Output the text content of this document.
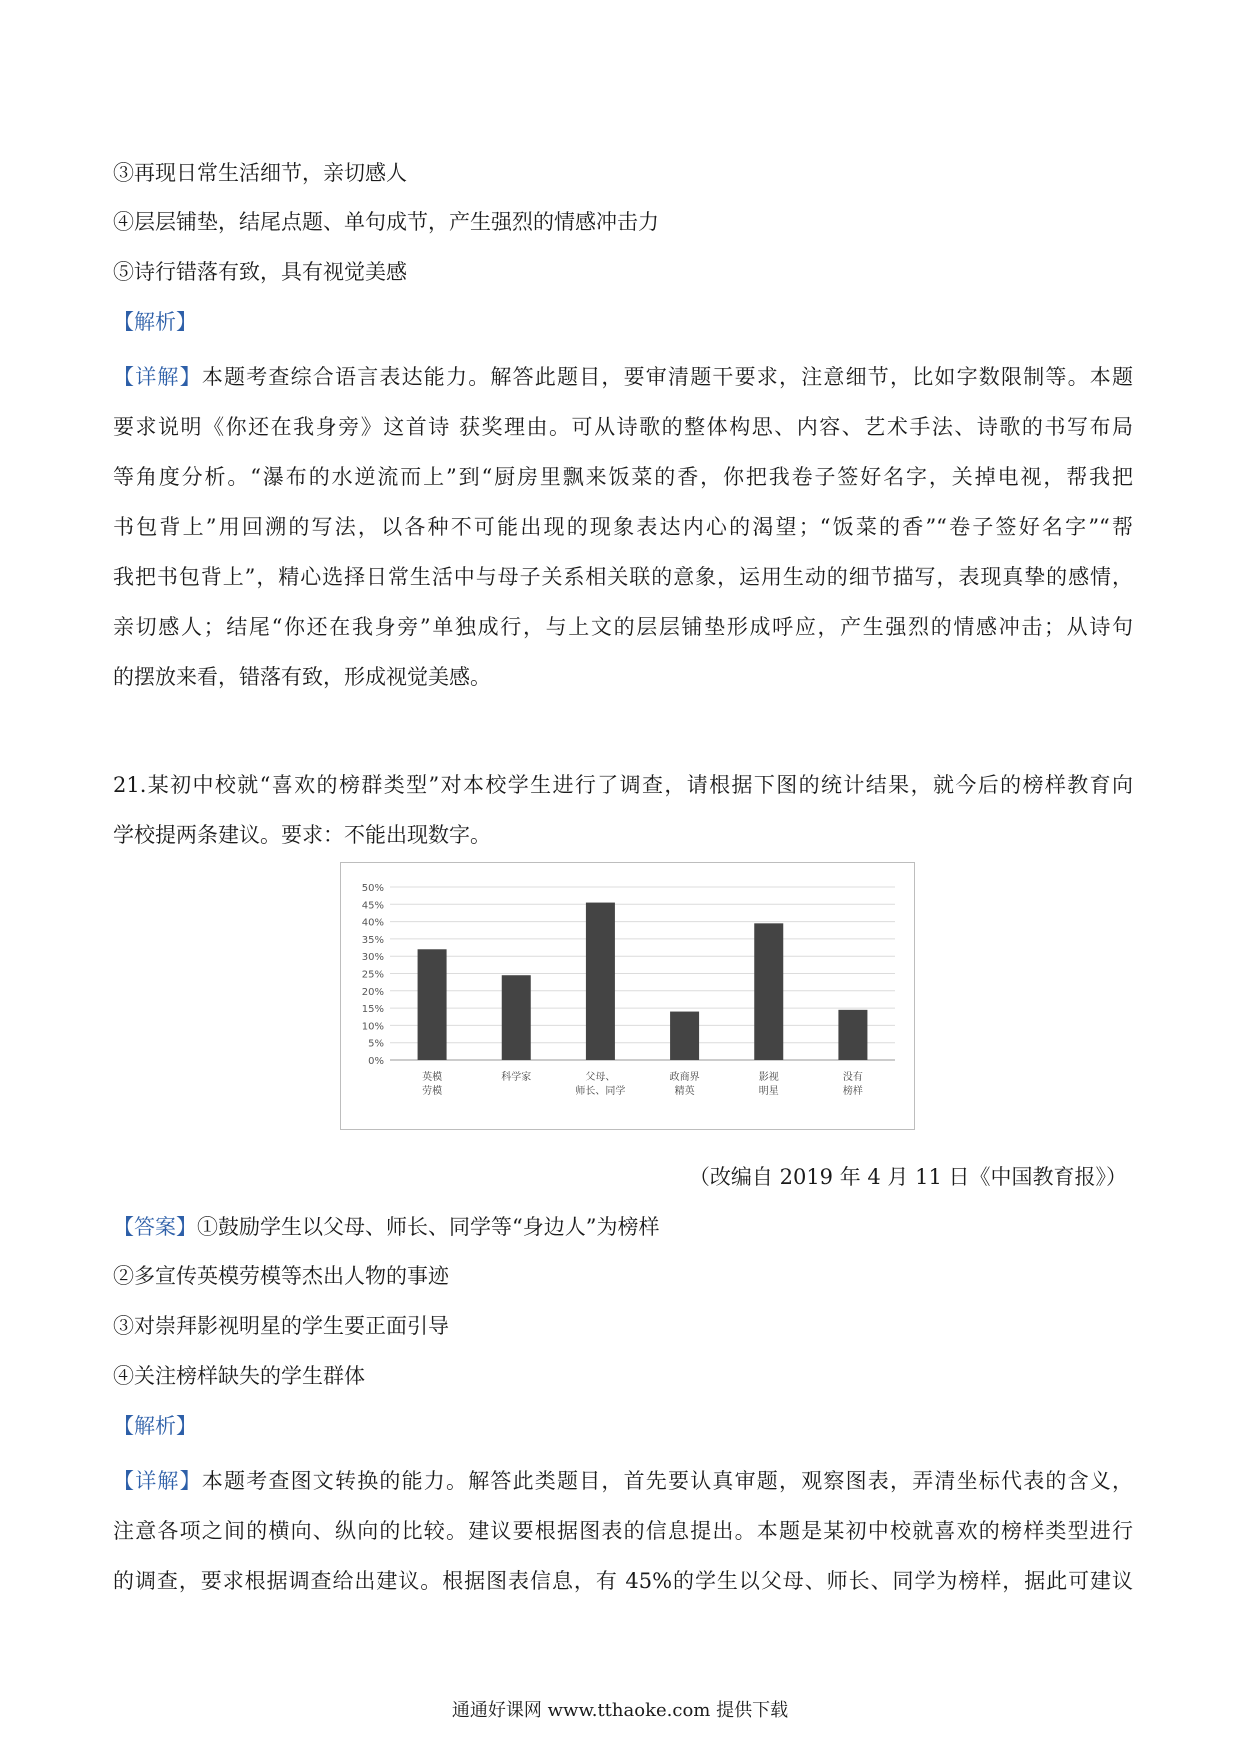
③再现日常生活细节，亲切感人
④层层铺垫，结尾点题、单句成节，产生强烈的情感冲击力
⑤诗行错落有致，具有视觉美感
【解析】
【详解】本题考查综合语言表达能力。解答此题目，要审清题干要求，注意细节，比如字数限制等。本题
要求说明《你还在我身旁》这首诗 获奖理由。可从诗歌的整体构思、内容、艺术手法、诗歌的书写布局
等角度分析。“瀑布的水逆流而上”到“厨房里飘来饭菜的香，你把我卷子签好名字，关掉电视，帮我把
书包背上”用回溯的写法，以各种不可能出现的现象表达内心的渴望；“饭菜的香”“卷子签好名字”“帮
我把书包背上”，精心选择日常生活中与母子关系相关联的意象，运用生动的细节描写，表现真挚的感情，
亲切感人；结尾“你还在我身旁”单独成行，与上文的层层铺垫形成呼应，产生强烈的情感冲击；从诗句
的摆放来看，错落有致，形成视觉美感。
21.某初中校就“喜欢的榜群类型”对本校学生进行了调查，请根据下图的统计结果，就今后的榜样教育向
学校提两条建议。要求：不能出现数字。
0%
5%
10%
15%
20%
25%
30%
35%
40%
45%
50%
英模
劳模
科学家	父母、
师长、同学
政商界
精英
影视
明星
没有
榜样
（改编自 2019 年 4 月 11 日《中国教育报》）
【答案】①鼓励学生以父母、师长、同学等“身边人”为榜样
②多宣传英模劳模等杰出人物的事迹
③对崇拜影视明星的学生要正面引导
④关注榜样缺失的学生群体
【解析】
【详解】本题考查图文转换的能力。解答此类题目，首先要认真审题，观察图表，弄清坐标代表的含义，
注意各项之间的横向、纵向的比较。建议要根据图表的信息提出。本题是某初中校就喜欢的榜样类型进行
的调查，要求根据调查给出建议。根据图表信息，有 45%的学生以父母、师长、同学为榜样，据此可建议
通通好课网 www.tthaoke.com 提供下载
